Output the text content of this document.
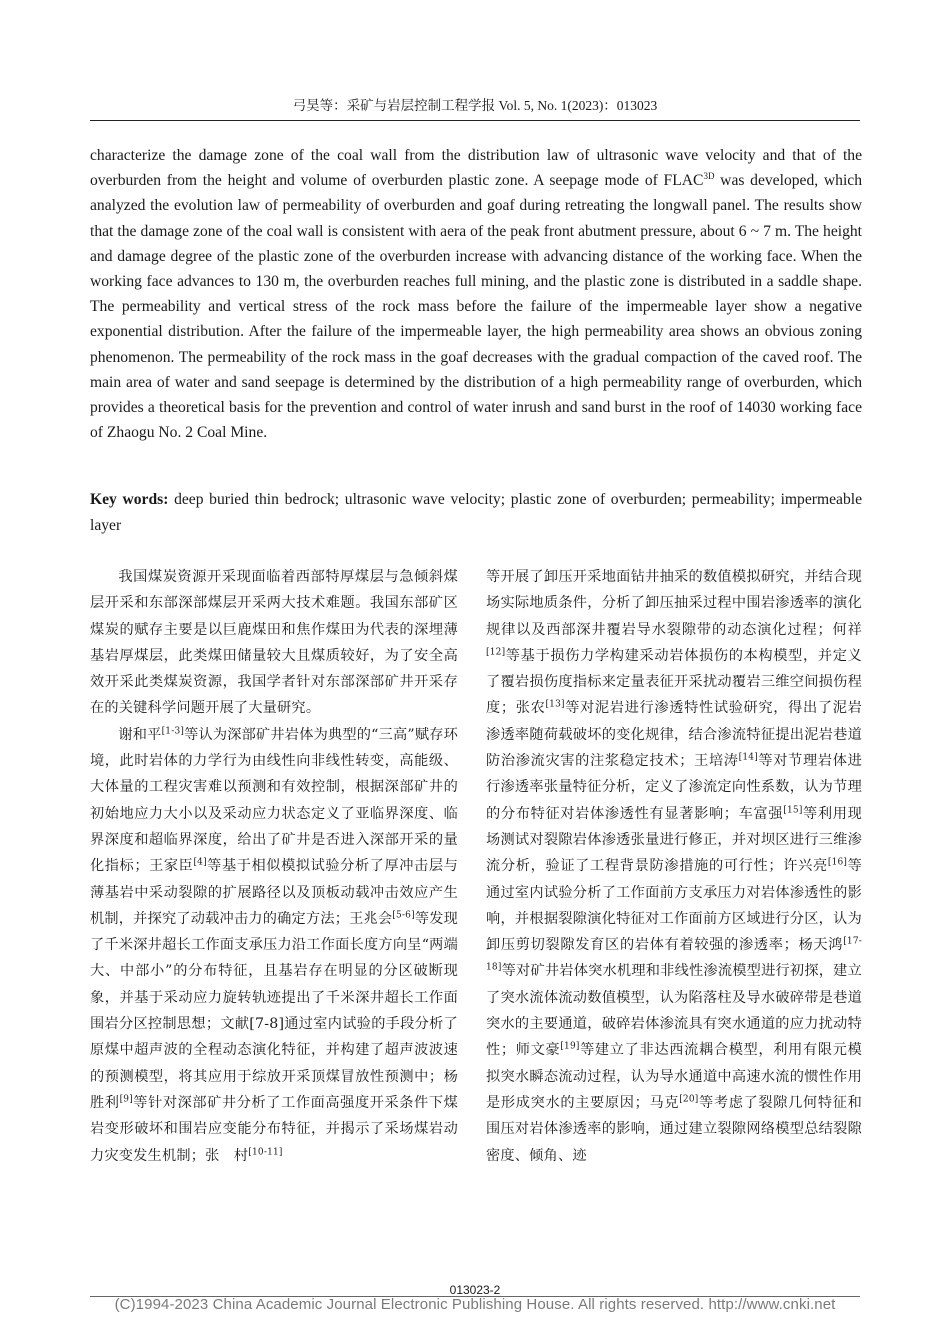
弓昊等：采矿与岩层控制工程学报 Vol. 5, No. 1(2023)：013023

characterize the damage zone of the coal wall from the distribution law of ultrasonic wave velocity and that of the overburden from the height and volume of overburden plastic zone. A seepage mode of $FLAC^{3D}$ was developed, which analyzed the evolution law of permeability of overburden and goaf during retreating the longwall panel. The results show that the damage zone of the coal wall is consistent with aera of the peak front abutment pressure, about 6 ~ 7 m. The height and damage degree of the plastic zone of the overburden increase with advancing distance of the working face. When the working face advances to 130 m, the overburden reaches full mining, and the plastic zone is distributed in a saddle shape. The permeability and vertical stress of the rock mass before the failure of the impermeable layer show a negative exponential distribution. After the failure of the impermeable layer, the high permeability area shows an obvious zoning phenomenon. The permeability of the rock mass in the goaf decreases with the gradual compaction of the caved roof. The main area of water and sand seepage is determined by the distribution of a high permeability range of overburden, which provides a theoretical basis for the prevention and control of water inrush and sand burst in the roof of 14030 working face of Zhaogu No. 2 Coal Mine.

Key words: deep buried thin bedrock; ultrasonic wave velocity; plastic zone of overburden; permeability; impermeable layer

我国煤炭资源开采现面临着西部特厚煤层与急倾斜煤层开采和东部深部煤层开采两大技术难题。我国东部矿区煤炭的赋存主要是以巨鹿煤田和焦作煤田为代表的深埋薄基岩厚煤层，此类煤田储量较大且煤质较好，为了安全高效开采此类煤炭资源，我国学者针对东部深部矿井开采存在的关键科学问题开展了大量研究。

谢和平[1-3]等认为深部矿井岩体为典型的“三高”赋存环境，此时岩体的力学行为由线性向非线性转变，高能级、大体量的工程灾害难以预测和有效控制，根据深部矿井的初始地应力大小以及采动应力状态定义了亚临界深度、临界深度和超临界深度，给出了矿井是否进入深部开采的量化指标；王家臣[4]等基于相似模拟试验分析了厚冲击层与薄基岩中采动裂隙的扩展路径以及顶板动载冲击效应产生机制，并探究了动载冲击力的确定方法；王兆会[5-6]等发现了千米深井超长工作面支承压力沿工作面长度方向呈“两端大、中部小”的分布特征，且基岩存在明显的分区破断现象，并基于采动应力旋转轨迹提出了千米深井超长工作面围岩分区控制思想；文献[7-8]通过室内试验的手段分析了原煤中超声波的全程动态演化特征，并构建了超声波波速的预测模型，将其应用于综放开采顶煤冒放性预测中；杨胜利[9]等针对深部矿井分析了工作面高强度开采条件下煤岩变形破坏和围岩应变能分布特征，并揭示了采场煤岩动力灾变发生机制；张　村[10-11]

等开展了卸压开采地面钻井抽采的数值模拟研究，并结合现场实际地质条件，分析了卸压抽采过程中围岩渗透率的演化规律以及西部深井覆岩导水裂隙带的动态演化过程；何祥[12]等基于损伤力学构建采动岩体损伤的本构模型，并定义了覆岩损伤度指标来定量表征开采扰动覆岩三维空间损伤程度；张农[13]等对泥岩进行渗透特性试验研究，得出了泥岩渗透率随荷载破坏的变化规律，结合渗流特征提出泥岩巷道防治渗流灾害的注浆稳定技术；王培涛[14]等对节理岩体进行渗透率张量特征分析，定义了渗流定向性系数，认为节理的分布特征对岩体渗透性有显著影响；车富强[15]等利用现场测试对裂隙岩体渗透张量进行修正，并对坝区进行三维渗流分析，验证了工程背景防渗措施的可行性；许兴亮[16]等通过室内试验分析了工作面前方支承压力对岩体渗透性的影响，并根据裂隙演化特征对工作面前方区域进行分区，认为卸压剪切裂隙发育区的岩体有着较强的渗透率；杨天鸿[17-18]等对矿井岩体突水机理和非线性渗流模型进行初探，建立了突水流体流动数值模型，认为陷落柱及导水破碎带是巷道突水的主要通道，破碎岩体渗流具有突水通道的应力扰动特性；师文豪[19]等建立了非达西流耦合模型，利用有限元模拟突水瞬态流动过程，认为导水通道中高速水流的惯性作用是形成突水的主要原因；马克[20]等考虑了裂隙几何特征和围压对岩体渗透率的影响，通过建立裂隙网络模型总结裂隙密度、倾角、迹

013023-2
(C)1994-2023 China Academic Journal Electronic Publishing House. All rights reserved. http://www.cnki.net
